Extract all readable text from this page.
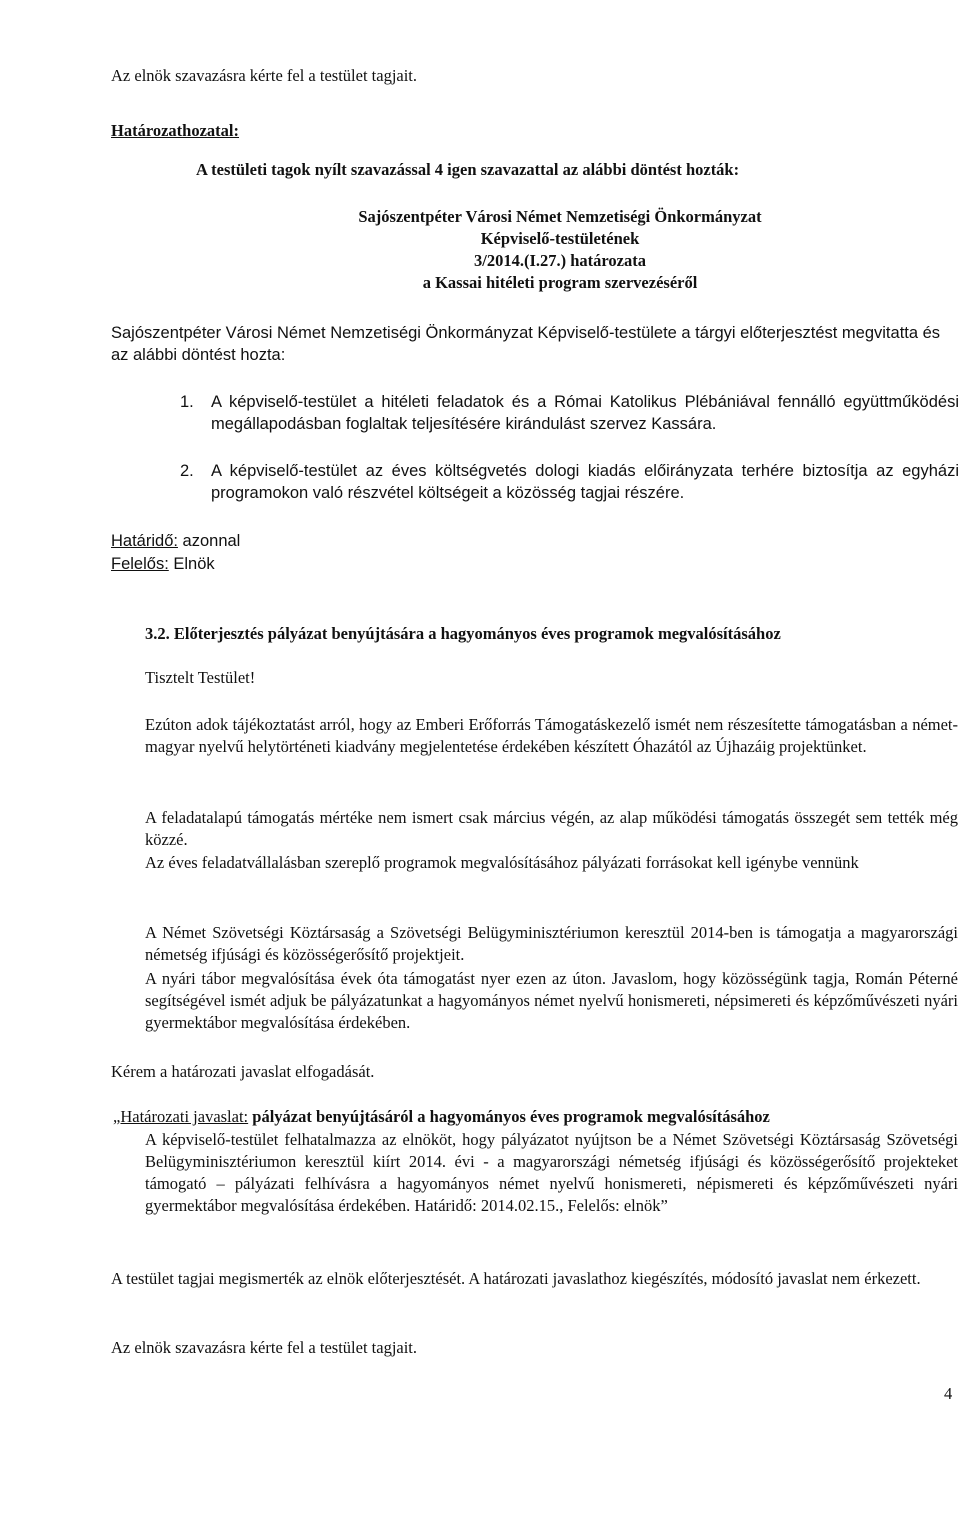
Az elnök szavazásra kérte fel a testület tagjait.
Határozathozatal:
A testületi tagok nyílt szavazással 4 igen szavazattal az alábbi döntést hozták:
Sajószentpéter Városi Német Nemzetiségi Önkormányzat
Képviselő-testületének
3/2014.(I.27.) határozata
a Kassai hitéleti program szervezéséről
Sajószentpéter Városi Német Nemzetiségi Önkormányzat Képviselő-testülete a tárgyi előterjesztést megvitatta és az alábbi döntést hozta:
1. A képviselő-testület a hitéleti feladatok és a Római Katolikus Plébániával fennálló együttműködési megállapodásban foglaltak teljesítésére kirándulást szervez Kassára.
2. A képviselő-testület az éves költségvetés dologi kiadás előirányzata terhére biztosítja az egyházi programokon való részvétel költségeit a közösség tagjai részére.
Határidő: azonnal
Felelős: Elnök
3.2. Előterjesztés pályázat benyújtására a hagyományos éves programok megvalósításához
Tisztelt Testület!
Ezúton adok tájékoztatást arról, hogy az Emberi Erőforrás Támogatáskezelő ismét nem részesítette támogatásban a német-magyar nyelvű helytörténeti kiadvány megjelentetése érdekében készített Óhazától az Újhazáig projektünket.
A feladatalapú támogatás mértéke nem ismert csak március végén, az alap működési támogatás összegét sem tették még közzé.
Az éves feladatvállalásban szereplő programok megvalósításához pályázati forrásokat kell igénybe vennünk
A Német Szövetségi Köztársaság a Szövetségi Belügyminisztériumon keresztül 2014-ben is támogatja a magyarországi németség ifjúsági és közösségerősítő projektjeit.
A nyári tábor megvalósítása évek óta támogatást nyer ezen az úton. Javaslom, hogy közösségünk tagja, Román Péterné segítségével ismét adjuk be pályázatunkat a hagyományos német nyelvű honismereti, népsimereti és képzőművészeti nyári gyermektábor megvalósítása érdekében.
Kérem a határozati javaslat elfogadását.
„Határozati javaslat: pályázat benyújtásáról a hagyományos éves programok megvalósításához
A képviselő-testület felhatalmazza az elnököt, hogy pályázatot nyújtson be a Német Szövetségi Köztársaság Szövetségi Belügyminisztériumon keresztül kiírt 2014. évi - a magyarországi németség ifjúsági és közösségerősítő projekteket támogató – pályázati felhívásra a hagyományos német nyelvű honismereti, népismereti és képzőművészeti nyári gyermektábor megvalósítása érdekében. Határidő: 2014.02.15., Felelős: elnök”
A testület tagjai megismerték az elnök előterjesztését. A határozati javaslathoz kiegészítés, módosító javaslat nem érkezett.
Az elnök szavazásra kérte fel a testület tagjait.
4
